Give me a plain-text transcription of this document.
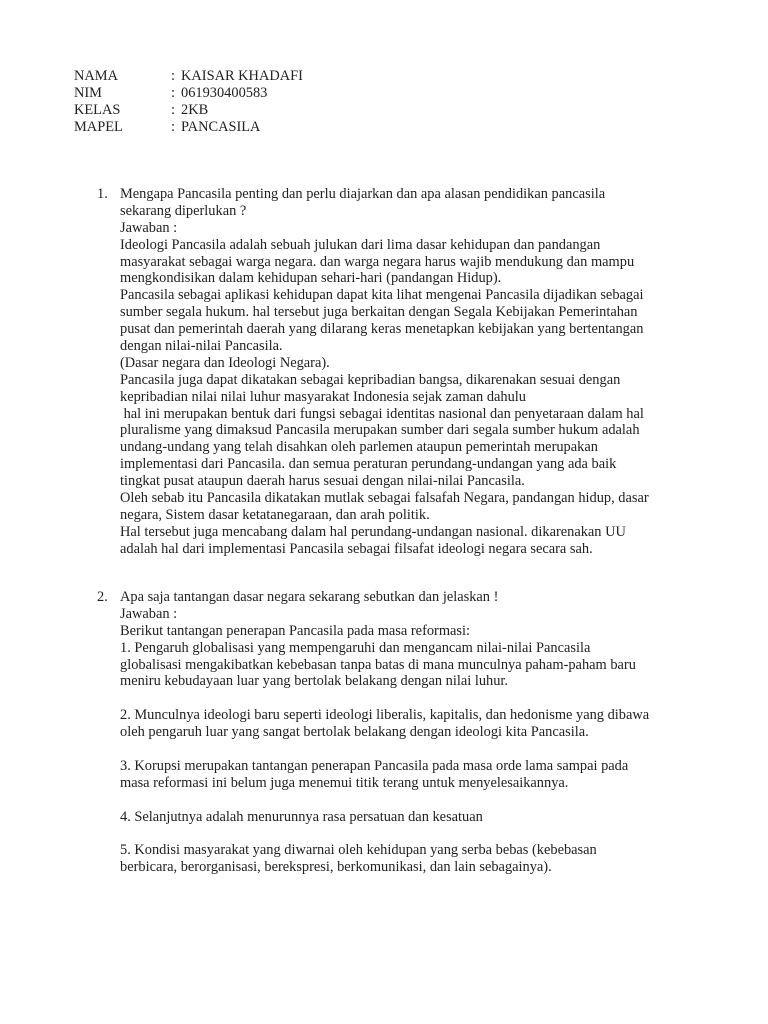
NAMA	: KAISAR KHADAFI
NIM	: 061930400583
KELAS	: 2KB
MAPEL	: PANCASILA
1. Mengapa Pancasila penting dan perlu diajarkan dan apa alasan pendidikan pancasila
sekarang diperlukan ?
Jawaban :
Ideologi Pancasila adalah sebuah julukan dari lima dasar kehidupan dan pandangan
masyarakat sebagai warga negara. dan warga negara harus wajib mendukung dan mampu
mengkondisikan dalam kehidupan sehari-hari (pandangan Hidup).
Pancasila sebagai aplikasi kehidupan dapat kita lihat mengenai Pancasila dijadikan sebagai
sumber segala hukum. hal tersebut juga berkaitan dengan Segala Kebijakan Pemerintahan
pusat dan pemerintah daerah yang dilarang keras menetapkan kebijakan yang bertentangan
dengan nilai-nilai Pancasila.
(Dasar negara dan Ideologi Negara).
Pancasila juga dapat dikatakan sebagai kepribadian bangsa, dikarenakan sesuai dengan
kepribadian nilai nilai luhur masyarakat Indonesia sejak zaman dahulu
hal ini merupakan bentuk dari fungsi sebagai identitas nasional dan penyetaraan dalam hal
pluralisme yang dimaksud Pancasila merupakan sumber dari segala sumber hukum adalah
undang-undang yang telah disahkan oleh parlemen ataupun pemerintah merupakan
implementasi dari Pancasila. dan semua peraturan perundang-undangan yang ada baik
tingkat pusat ataupun daerah harus sesuai dengan nilai-nilai Pancasila.
Oleh sebab itu Pancasila dikatakan mutlak sebagai falsafah Negara, pandangan hidup, dasar
negara, Sistem dasar ketatanegaraan, dan arah politik.
Hal tersebut juga mencabang dalam hal perundang-undangan nasional. dikarenakan UU
adalah hal dari implementasi Pancasila sebagai filsafat ideologi negara secara sah.
2. Apa saja tantangan dasar negara sekarang sebutkan dan jelaskan !
Jawaban :
Berikut tantangan penerapan Pancasila pada masa reformasi:
1. Pengaruh globalisasi yang mempengaruhi dan mengancam nilai-nilai Pancasila
globalisasi mengakibatkan kebebasan tanpa batas di mana munculnya paham-paham baru
meniru kebudayaan luar yang bertolak belakang dengan nilai luhur.
2. Munculnya ideologi baru seperti ideologi liberalis, kapitalis, dan hedonisme yang dibawa
oleh pengaruh luar yang sangat bertolak belakang dengan ideologi kita Pancasila.
3. Korupsi merupakan tantangan penerapan Pancasila pada masa orde lama sampai pada
masa reformasi ini belum juga menemui titik terang untuk menyelesaikannya.
4. Selanjutnya adalah menurunnya rasa persatuan dan kesatuan
5. Kondisi masyarakat yang diwarnai oleh kehidupan yang serba bebas (kebebasan
berbicara, berorganisasi, berekspresi, berkomunikasi, dan lain sebagainya).
